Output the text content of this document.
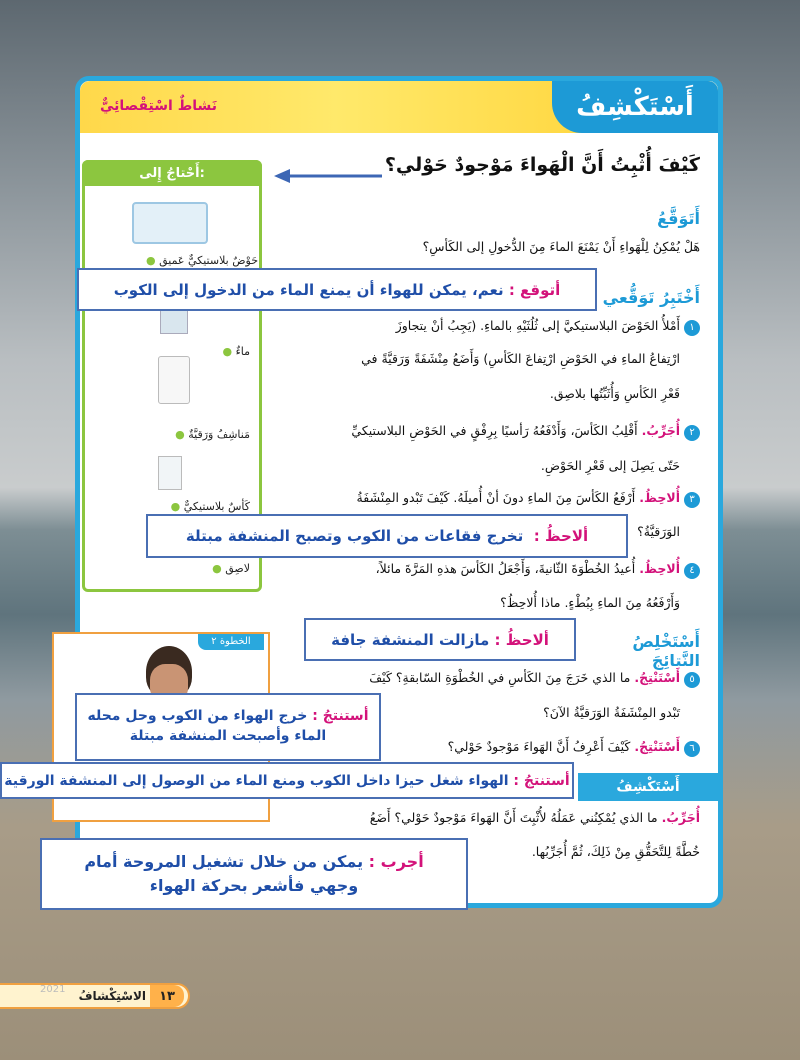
أَسْتَكْشِفُ
نَشاطٌ اسْتِقْصائِيٌّ
كَيْفَ أُثْبِتُ أَنَّ الْهَواءَ مَوْجودٌ حَوْلي؟
أَحْتاجُ إِلى:
حَوْضٌ بلاستيكيٌّ عَميق ●
ماءٌ ●
مَناشِفُ وَرَقيَّةٌ ●
كَأسٌ بلاستيكيٌّ ●
لاصِق ●
أَتَوَقَّعُ
هَلْ يُمْكِنُ لِلْهَواءِ أَنْ يَمْنَعَ الماءَ مِنَ الدُّخولِ إلى الكَأسِ؟
أَخْتَبِرُ تَوَقُّعي
١أَمْلأُ الحَوْضَ البلاستيكيَّ إلى ثُلُثَيْهِ بالماءِ. (يَجِبُ أنْ يتجاوزَ
ارْتِفاعُ الماءِ في الحَوْضِ ارْتِفاعَ الكَأسِ) وَأَضَعُ مِنْشَفَةً وَرَقيَّةً في
قَعْرِ الكَأسِ وَأُثَبِّتُها بلاصِق.
٢أُجَرِّبُ. أَقْلِبُ الكَأسَ، وَأَدْفَعُهُ رَأسيًا بِرِفْقٍ في الحَوْضِ البلاستيكيِّ
حَتّى يَصِلَ إلى قَعْرِ الحَوْضِ.
٣أُلاحِظُ. أَرْفَعُ الكَأسَ مِنَ الماءِ دونَ أنْ أُميلَهُ. كَيْفَ تَبْدو المِنْشَفَةُ
الوَرَقيَّةُ؟
٤أُلاحِظُ. أُعيدُ الخُطْوَةَ الثّانيةَ، وَأَجْعَلُ الكَأسَ هذهِ المَرَّةَ مائلاً،
وَأَرْفَعُهُ مِنَ الماءِ بِبُطْءٍ. ماذا أُلاحِظُ؟
أَسْتَخْلِصُ النَّتائِجَ
٥أَسْتَنْتِجُ. ما الذي خَرَجَ مِنَ الكَأسِ في الخُطْوَةِ السّابقةِ؟ كَيْفَ
تَبْدو المِنْشَفَةُ الوَرَقيَّةُ الآنَ؟
٦أَسْتَنْتِجُ. كَيْفَ أَعْرِفُ أَنَّ الهَواءَ مَوْجودٌ حَوْلي؟
أَسْتَكْشِفُ
أُجَرِّبُ. ما الذي يُمْكِنُني عَمَلُهُ لأُثْبِتَ أَنَّ الهَواءَ مَوْجودٌ حَوْلي؟ أَضَعُ
خُطَّةً لِلتَّحَقُّقِ مِنْ ذَلِكَ، ثُمَّ أُجَرِّبُها.
الخطوة ٢
أتوقع :

نعم، يمكن للهواء أن يمنع الماء من الدخول إلى الكوب
ألاحظُ :

تخرج فقاعات من الكوب وتصبح المنشفة مبتلة
ألاحظُ :

مازالت المنشفة جافة
أستنتجُ : خرج الهواء من الكوب وحل محله الماء وأصبحت المنشفة مبتلة
أستنتجُ :

الهواء شغل حيزا داخل الكوب ومنع الماء من الوصول إلى المنشفة الورقية
أجرب : يمكن من خلال تشغيل المروحة أمام وجهي فأشعر بحركة الهواء
١٣
الاسْتِكْشافُ
2021
